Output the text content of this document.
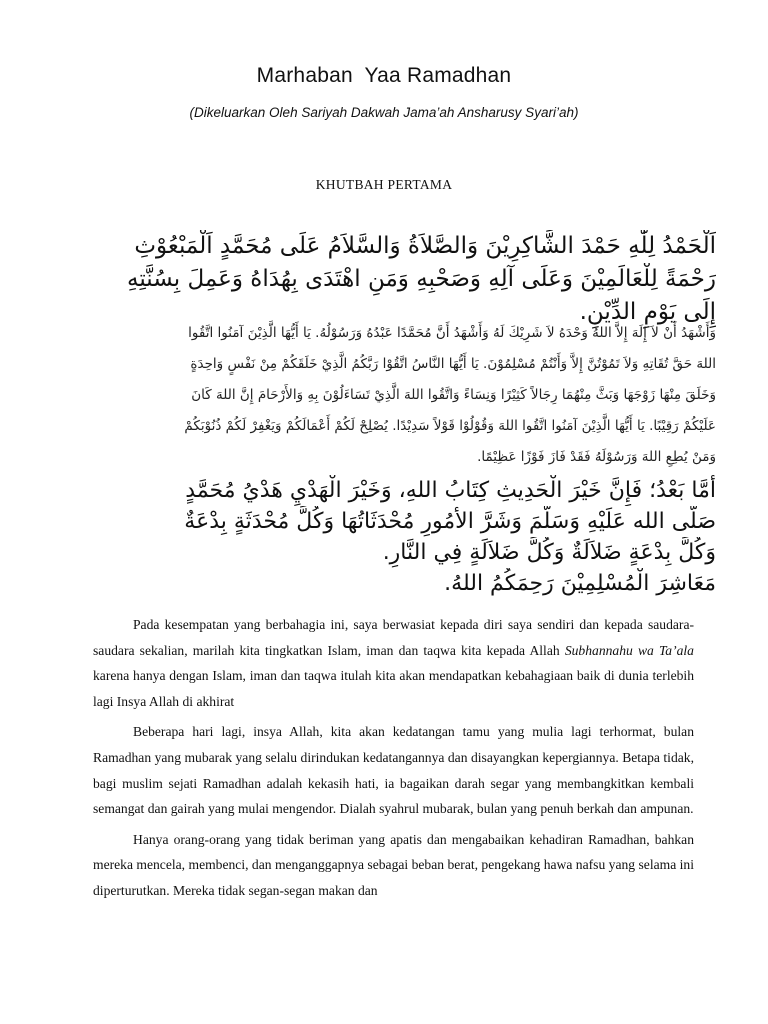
Marhaban  Yaa Ramadhan
(Dikeluarkan Oleh Sariyah Dakwah Jama’ah Ansharusy Syari’ah)
KHUTBAH PERTAMA
اَلْحَمْدُ لِلّٰهِ حَمْدَ الشَّاكِرِيْنَ وَالصَّلاَةُ وَالسَّلاَمُ عَلَى مُحَمَّدٍ اَلْمَبْعُوْثِ
رَحْمَةً لِلْعَالَمِيْنَ وَعَلَى آلِهِ وَصَحْبِهِ وَمَنِ اهْتَدَى بِهُدَاهُ وَعَمِلَ بِسُنَّتِهِ
إِلَى يَوْمِ الدِّيْنِ.
وَأَشْهَدُ أَنْ لاَ إِلَهَ إِلاَّ اللهُ وَحْدَهُ لاَ شَرِيْكَ لَهُ وَأَشْهَدُ أَنَّ مُحَمَّدًا عَبْدُهُ وَرَسُوْلُهُ. يَا أَيُّهَا الَّذِيْنَ آمَنُوا اتَّقُوا
اللهَ حَقَّ تُقَاتِهِ وَلاَ تَمُوْتُنَّ إِلاَّ وَأَنْتُمْ مُسْلِمُوْنَ. يَا أَيُّهَا النَّاسُ اتَّقُوْا رَبَّكُمُ الَّذِيْ خَلَقَكُمْ مِنْ نَفْسٍ وَاحِدَةٍ
وَخَلَقَ مِنْهَا زَوْجَهَا وَبَثَّ مِنْهُمَا رِجَالاً كَثِيْرًا وَنِسَاءً وَاتَّقُوا اللهَ الَّذِيْ تَسَاءَلُوْنَ بِهِ وَالأَرْحَامَ إِنَّ اللهَ كَانَ
عَلَيْكُمْ رَقِيْبًا. يَا أَيُّهَا الَّذِيْنَ آمَنُوا اتَّقُوا اللهَ وَقُوْلُوْا قَوْلاً سَدِيْدًا. يُصْلِحْ لَكُمْ أَعْمَالَكُمْ وَيَغْفِرْ لَكُمْ ذُنُوْبَكُمْ
وَمَنْ يُطِعِ اللهَ وَرَسُوْلَهُ فَقَدْ فَازَ فَوْزًا عَظِيْمًا.
أَمَّا بَعْدُ؛ فَإِنَّ خَيْرَ الْحَدِيثِ كِتَابُ اللهِ، وَخَيْرَ الْهَدْيِ هَدْيُ مُحَمَّدٍ
صَلَّى الله عَلَيْهِ وَسَلَّمَ وَشَرَّ الأُمُورِ مُحْدَثَاتُهَا وَكُلَّ مُحْدَثَةٍ بِدْعَةٌ
وَكُلَّ بِدْعَةٍ ضَلاَلَةٌ وَكُلَّ ضَلاَلَةٍ فِي النَّارِ.
مَعَاشِرَ الْمُسْلِمِيْنَ رَحِمَكُمُ اللهُ.

Pada kesempatan yang berbahagia ini, saya berwasiat kepada diri saya sendiri dan kepada saudara-saudara sekalian, marilah kita tingkatkan Islam, iman dan taqwa kita kepada Allah Subhannahu wa Ta’ala karena hanya dengan Islam, iman dan taqwa itulah kita akan mendapatkan kebahagiaan baik di dunia terlebih lagi Insya Allah di akhirat

Beberapa hari lagi, insya Allah, kita akan kedatangan tamu yang mulia lagi terhormat, bulan Ramadhan yang mubarak yang selalu dirindukan kedatangannya dan disayangkan kepergiannya. Betapa tidak, bagi muslim sejati Ramadhan adalah kekasih hati, ia bagaikan darah segar yang membangkitkan kembali semangat dan gairah yang mulai mengendor. Dialah syahrul mubarak, bulan yang penuh berkah dan ampunan.

Hanya orang-orang yang tidak beriman yang apatis dan mengabaikan kehadiran Ramadhan, bahkan mereka mencela, membenci, dan menganggapnya sebagai beban berat, pengekang hawa nafsu yang selama ini diperturutkan. Mereka tidak segan-segan makan dan
